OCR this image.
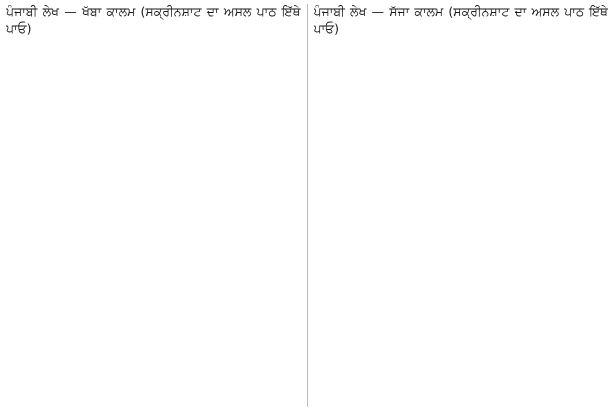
ਪੰਜਾਬੀ ਲੇਖ — ਖੱਬਾ ਕਾਲਮ (ਸਕ੍ਰੀਨਸ਼ਾਟ ਦਾ ਅਸਲ ਪਾਠ ਇੱਥੇ ਪਾਓ)

ਪੰਜਾਬੀ ਲੇਖ — ਸੱਜਾ ਕਾਲਮ (ਸਕ੍ਰੀਨਸ਼ਾਟ ਦਾ ਅਸਲ ਪਾਠ ਇੱਥੇ ਪਾਓ)
